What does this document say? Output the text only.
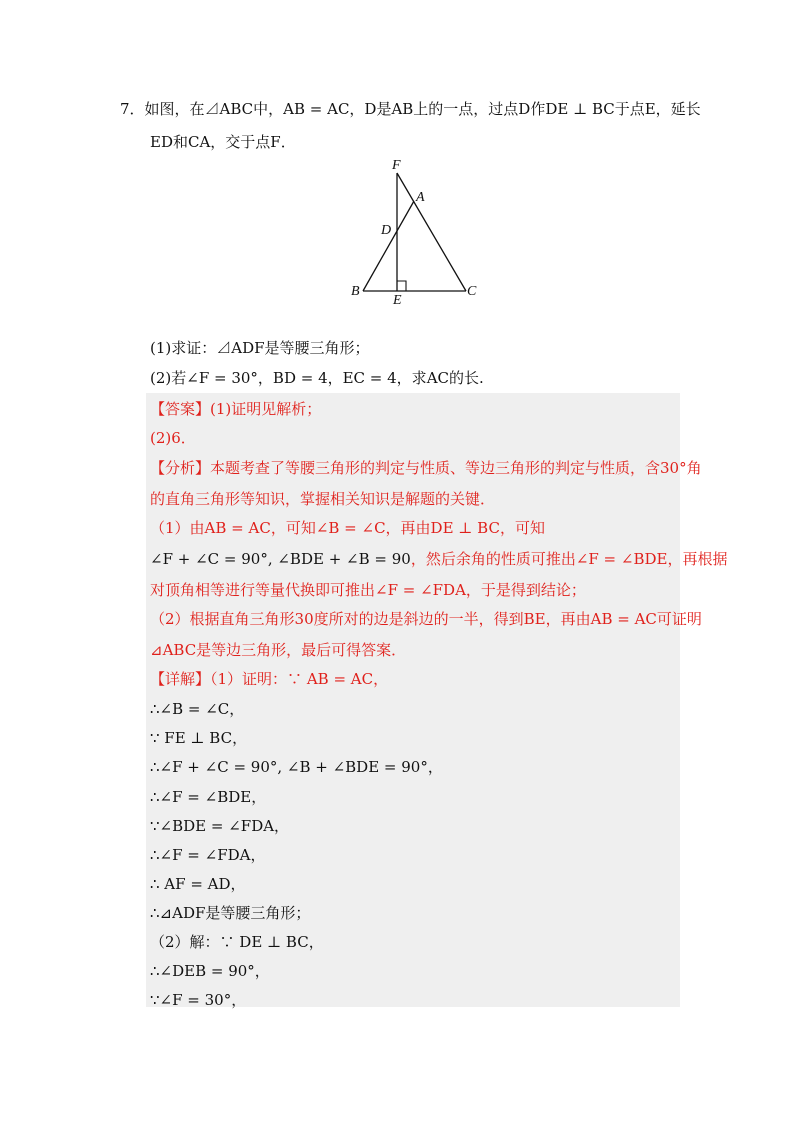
7．如图，在⊿ABC中，AB = AC，D是AB上的一点，过点D作DE ⊥ BC于点E，延长
ED和CA，交于点F．
F
A
D
B
E
C
(1)求证：⊿ADF是等腰三角形；
(2)若∠F = 30°，BD = 4，EC = 4，求AC的长.
【答案】(1)证明见解析；
(2)6．
【分析】本题考查了等腰三角形的判定与性质、等边三角形的判定与性质，含30°角
的直角三角形等知识，掌握相关知识是解题的关键．
（1）由AB = AC，可知∠B = ∠C，再由DE ⊥ BC，可知
∠F + ∠C = 90°, ∠BDE + ∠B = 90，然后余角的性质可推出∠F = ∠BDE，再根据
对顶角相等进行等量代换即可推出∠F = ∠FDA，于是得到结论；
（2）根据直角三角形30度所对的边是斜边的一半，得到BE，再由AB = AC可证明
⊿ABC是等边三角形，最后可得答案．
【详解】（1）证明：∵ AB = AC，
∴∠B = ∠C，
∵ FE ⊥ BC，
∴∠F + ∠C = 90°, ∠B + ∠BDE = 90°，
∴∠F = ∠BDE，
∵∠BDE = ∠FDA，
∴∠F = ∠FDA，
∴ AF = AD，
∴⊿ADF是等腰三角形；
（2）解：∵ DE ⊥ BC，
∴∠DEB = 90°，
∵∠F = 30°，
